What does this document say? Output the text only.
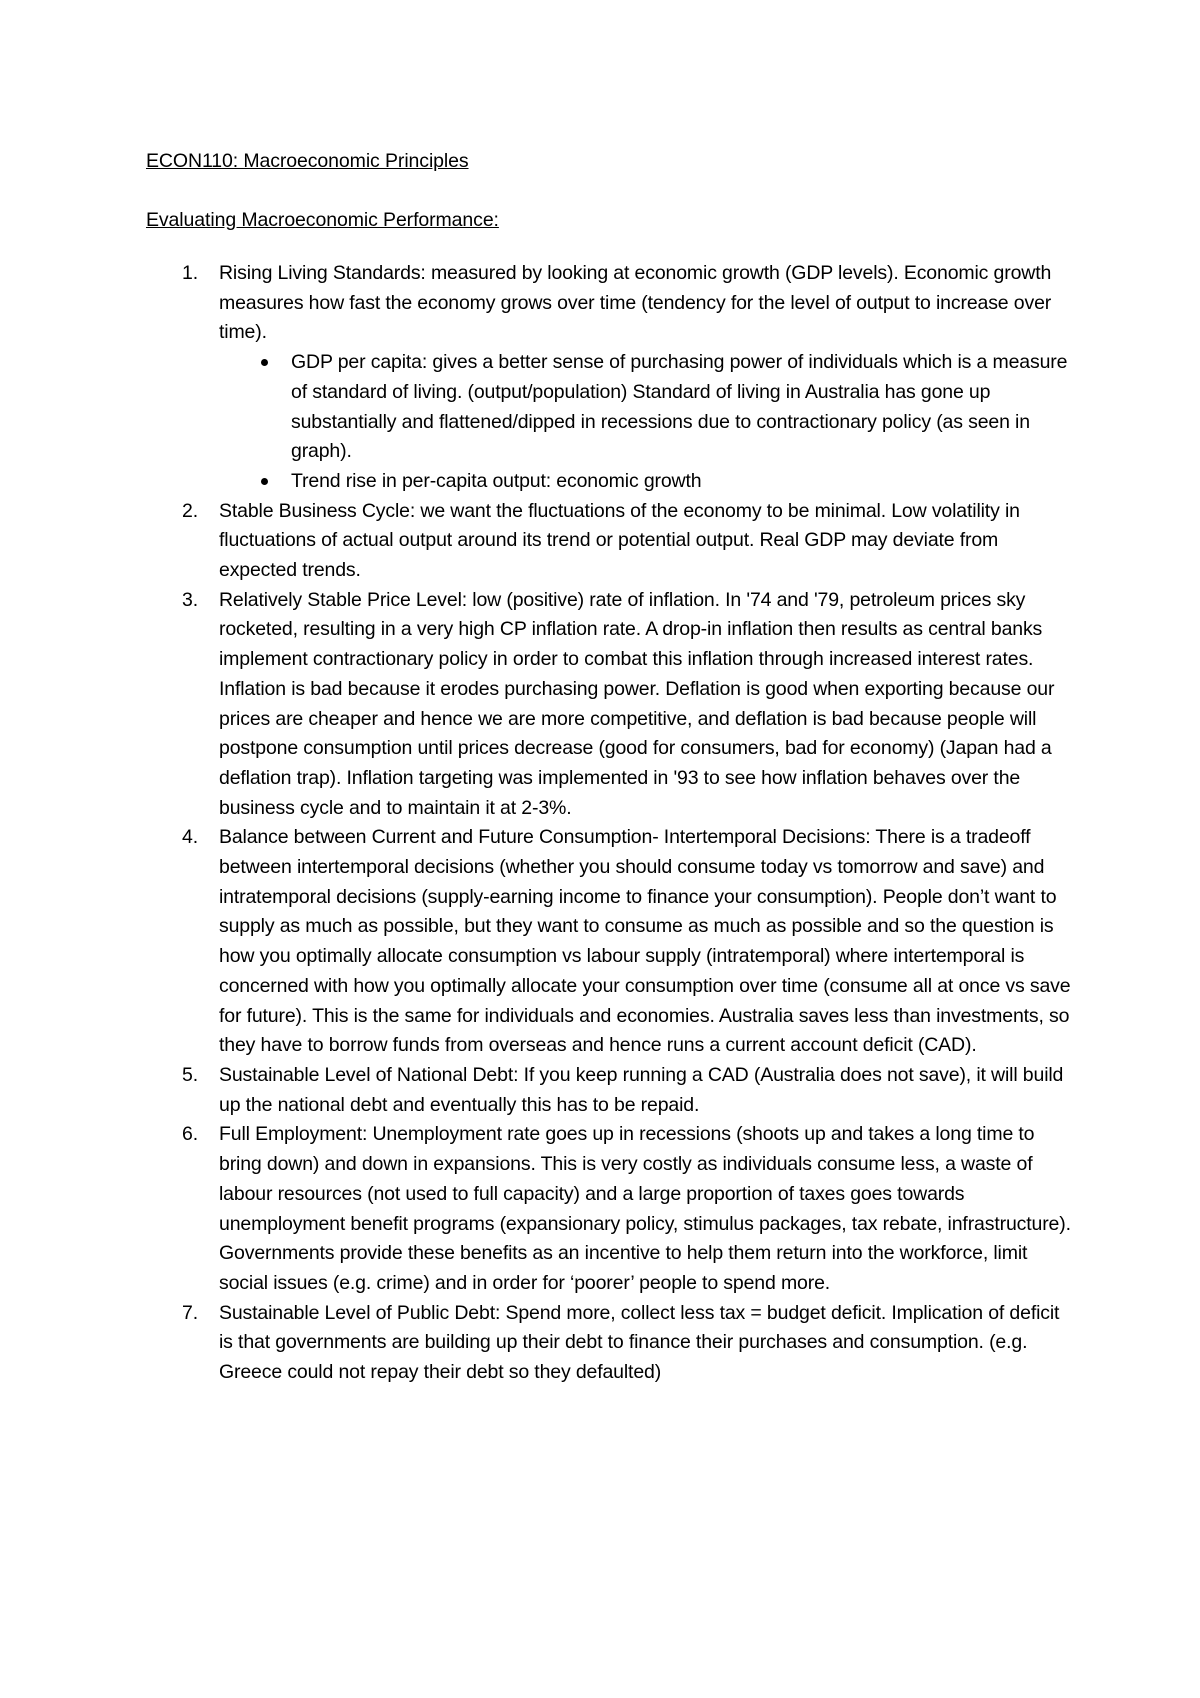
ECON110: Macroeconomic Principles

Evaluating Macroeconomic Performance:

1. Rising Living Standards: measured by looking at economic growth (GDP levels). Economic growth measures how fast the economy grows over time (tendency for the level of output to increase over time).
GDP per capita: gives a better sense of purchasing power of individuals which is a measure of standard of living. (output/population) Standard of living in Australia has gone up substantially and flattened/dipped in recessions due to contractionary policy (as seen in graph).
Trend rise in per-capita output: economic growth
2. Stable Business Cycle: we want the fluctuations of the economy to be minimal. Low volatility in fluctuations of actual output around its trend or potential output. Real GDP may deviate from expected trends.
3. Relatively Stable Price Level: low (positive) rate of inflation. In '74 and '79, petroleum prices sky rocketed, resulting in a very high CP inflation rate. A drop-in inflation then results as central banks implement contractionary policy in order to combat this inflation through increased interest rates. Inflation is bad because it erodes purchasing power. Deflation is good when exporting because our prices are cheaper and hence we are more competitive, and deflation is bad because people will postpone consumption until prices decrease (good for consumers, bad for economy) (Japan had a deflation trap). Inflation targeting was implemented in '93 to see how inflation behaves over the business cycle and to maintain it at 2-3%.
4. Balance between Current and Future Consumption- Intertemporal Decisions: There is a tradeoff between intertemporal decisions (whether you should consume today vs tomorrow and save) and intratemporal decisions (supply-earning income to finance your consumption). People don’t want to supply as much as possible, but they want to consume as much as possible and so the question is how you optimally allocate consumption vs labour supply (intratemporal) where intertemporal is concerned with how you optimally allocate your consumption over time (consume all at once vs save for future). This is the same for individuals and economies. Australia saves less than investments, so they have to borrow funds from overseas and hence runs a current account deficit (CAD).
5. Sustainable Level of National Debt: If you keep running a CAD (Australia does not save), it will build up the national debt and eventually this has to be repaid.
6. Full Employment: Unemployment rate goes up in recessions (shoots up and takes a long time to bring down) and down in expansions. This is very costly as individuals consume less, a waste of labour resources (not used to full capacity) and a large proportion of taxes goes towards unemployment benefit programs (expansionary policy, stimulus packages, tax rebate, infrastructure). Governments provide these benefits as an incentive to help them return into the workforce, limit social issues (e.g. crime) and in order for ‘poorer’ people to spend more.
7. Sustainable Level of Public Debt: Spend more, collect less tax = budget deficit. Implication of deficit is that governments are building up their debt to finance their purchases and consumption. (e.g. Greece could not repay their debt so they defaulted)
